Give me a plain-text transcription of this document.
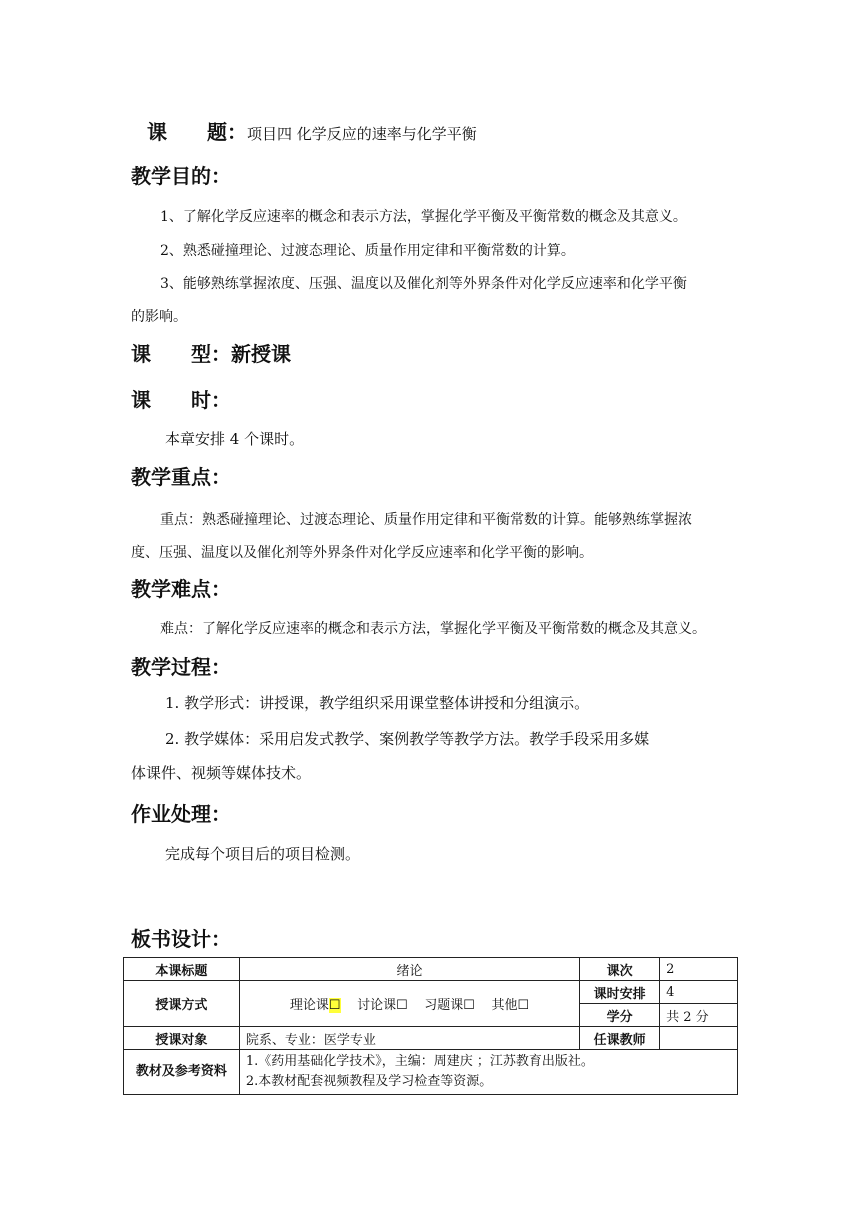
课　　题：项目四 化学反应的速率与化学平衡
教学目的：
1、了解化学反应速率的概念和表示方法，掌握化学平衡及平衡常数的概念及其意义。
2、熟悉碰撞理论、过渡态理论、质量作用定律和平衡常数的计算。
3、能够熟练掌握浓度、压强、温度以及催化剂等外界条件对化学反应速率和化学平衡
的影响。
课　　型：新授课
课　　时：
本章安排 4 个课时。
教学重点：
重点：熟悉碰撞理论、过渡态理论、质量作用定律和平衡常数的计算。能够熟练掌握浓
度、压强、温度以及催化剂等外界条件对化学反应速率和化学平衡的影响。
教学难点：
难点：了解化学反应速率的概念和表示方法，掌握化学平衡及平衡常数的概念及其意义。
教学过程：
1. 教学形式：讲授课，教学组织采用课堂整体讲授和分组演示。
2. 教学媒体：采用启发式教学、案例教学等教学方法。教学手段采用多媒
体课件、视频等媒体技术。
作业处理：
完成每个项目后的项目检测。
板书设计：
本课标题	绪论	课次	2
授课方式	理论课☐ 讨论课☐ 习题课☐ 其他☐	课时安排	4
		学分	共 2 分
授课对象	院系、专业：医学专业	任课教师	
教材及参考资料	1.《药用基础化学技术》，主编：周建庆 ；江苏教育出版社。
2.本教材配套视频教程及学习检查等资源。		
